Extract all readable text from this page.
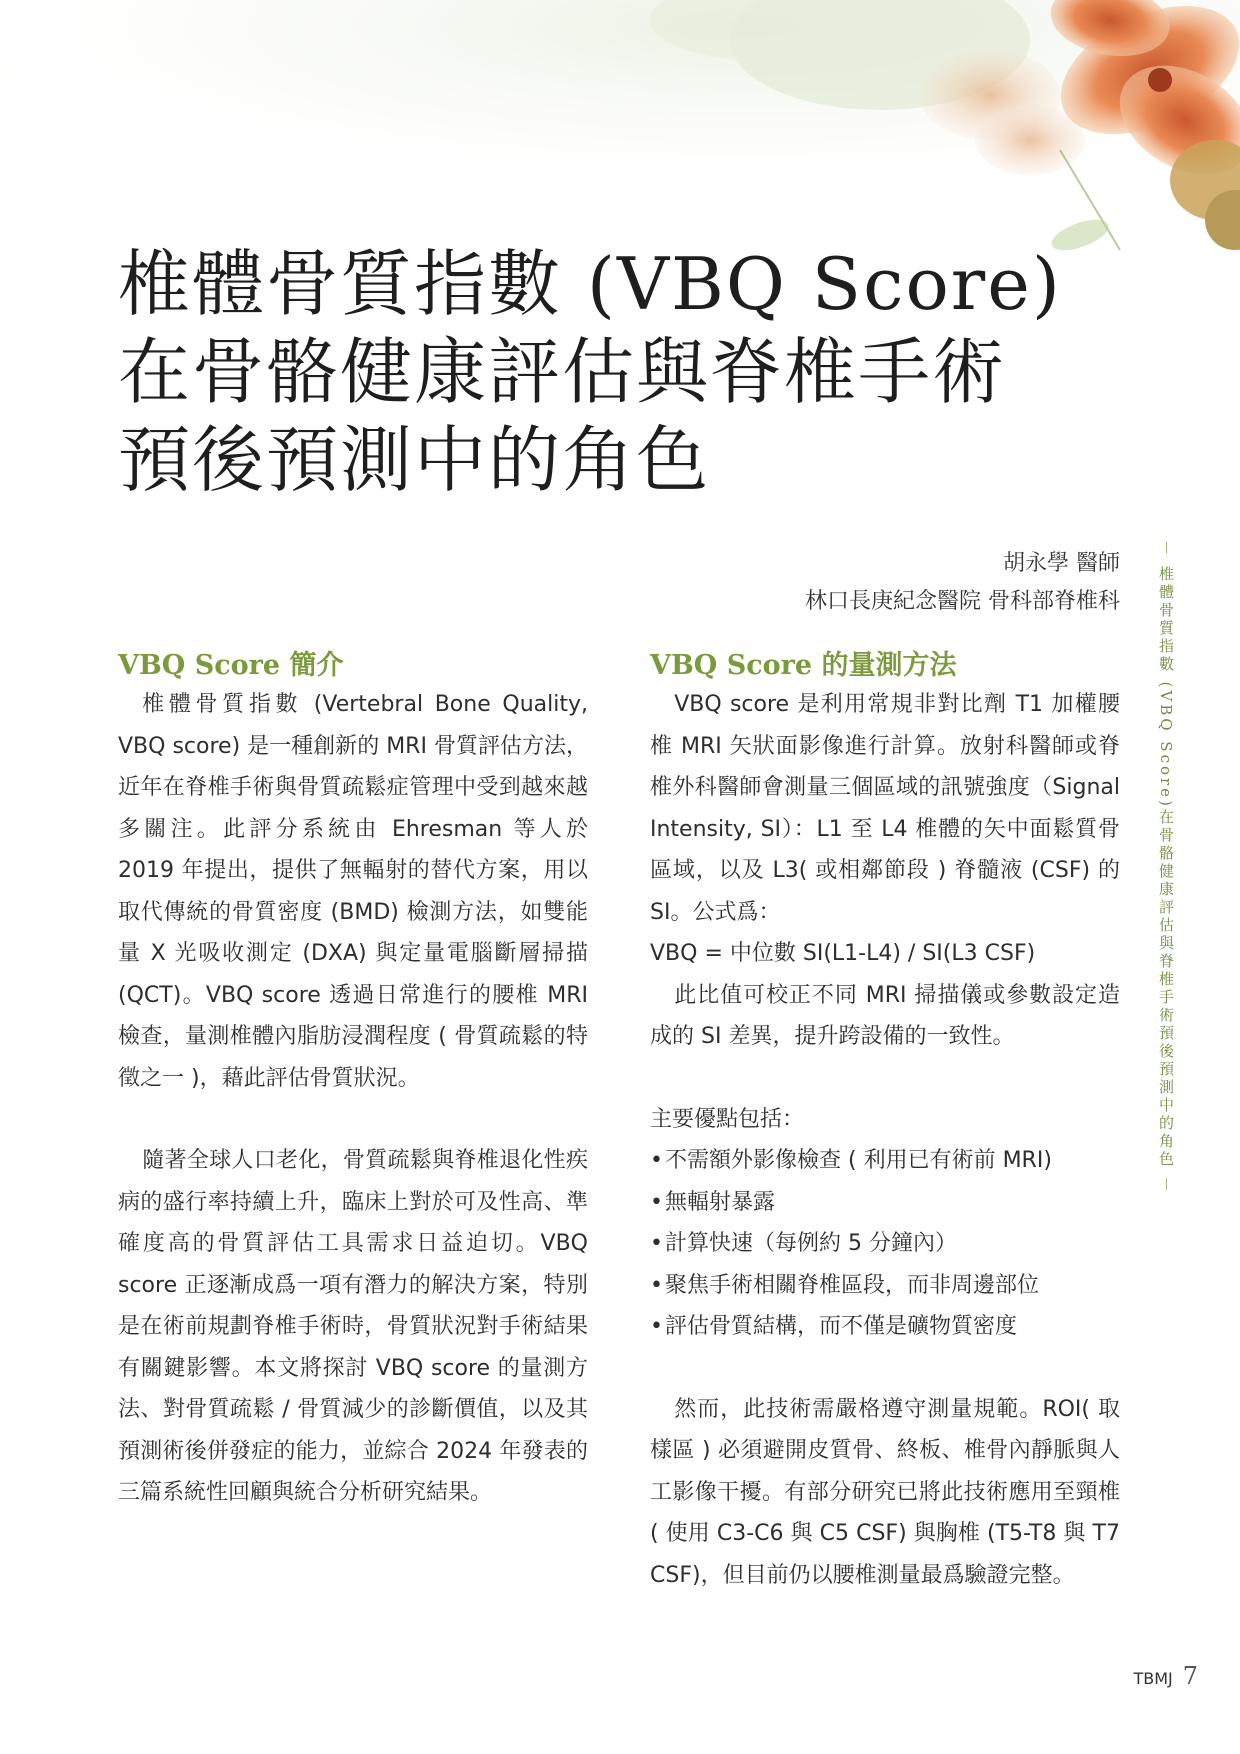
椎體骨質指數 (VBQ Score)
在骨骼健康評估與脊椎手術
預後預測中的角色
胡永學 醫師
林口長庚紀念醫院 骨科部脊椎科 － 椎體骨質指數 (VBQ Score)在骨骼健康評估與脊椎手術預後預測中的角色 －
VBQ Score 簡介

椎體骨質指數 (Vertebral Bone Quality, VBQ score) 是一種創新的 MRI 骨質評估方法，近年在脊椎手術與骨質疏鬆症管理中受到越來越多關注。此評分系統由 Ehresman 等人於 2019 年提出，提供了無輻射的替代方案，用以取代傳統的骨質密度 (BMD) 檢測方法，如雙能量 X 光吸收測定 (DXA) 與定量電腦斷層掃描 (QCT)。VBQ score 透過日常進行的腰椎 MRI 檢查，量測椎體內脂肪浸潤程度 ( 骨質疏鬆的特徵之一 )，藉此評估骨質狀況。

隨著全球人口老化，骨質疏鬆與脊椎退化性疾病的盛行率持續上升，臨床上對於可及性高、準確度高的骨質評估工具需求日益迫切。VBQ score 正逐漸成爲一項有潛力的解決方案，特別是在術前規劃脊椎手術時，骨質狀況對手術結果有關鍵影響。本文將探討 VBQ score 的量測方法、對骨質疏鬆 / 骨質減少的診斷價值，以及其預測術後併發症的能力，並綜合 2024 年發表的三篇系統性回顧與統合分析研究結果。

VBQ Score 的量測方法

VBQ score 是利用常規非對比劑 T1 加權腰椎 MRI 矢狀面影像進行計算。放射科醫師或脊椎外科醫師會測量三個區域的訊號強度（Signal Intensity, SI）：L1 至 L4 椎體的矢中面鬆質骨區域，以及 L3( 或相鄰節段 ) 脊髓液 (CSF) 的 SI。公式爲：

VBQ = 中位數 SI(L1-L4) / SI(L3 CSF)

此比值可校正不同 MRI 掃描儀或參數設定造成的 SI 差異，提升跨設備的一致性。

主要優點包括：

• 不需額外影像檢查 ( 利用已有術前 MRI)
• 無輻射暴露
• 計算快速（每例約 5 分鐘內）
• 聚焦手術相關脊椎區段，而非周邊部位
• 評估骨質結構，而不僅是礦物質密度

然而，此技術需嚴格遵守測量規範。ROI( 取樣區 ) 必須避開皮質骨、終板、椎骨內靜脈與人工影像干擾。有部分研究已將此技術應用至頸椎 ( 使用 C3-C6 與 C5 CSF) 與胸椎 (T5-T8 與 T7 CSF)，但目前仍以腰椎測量最爲驗證完整。

TBMJ 7
